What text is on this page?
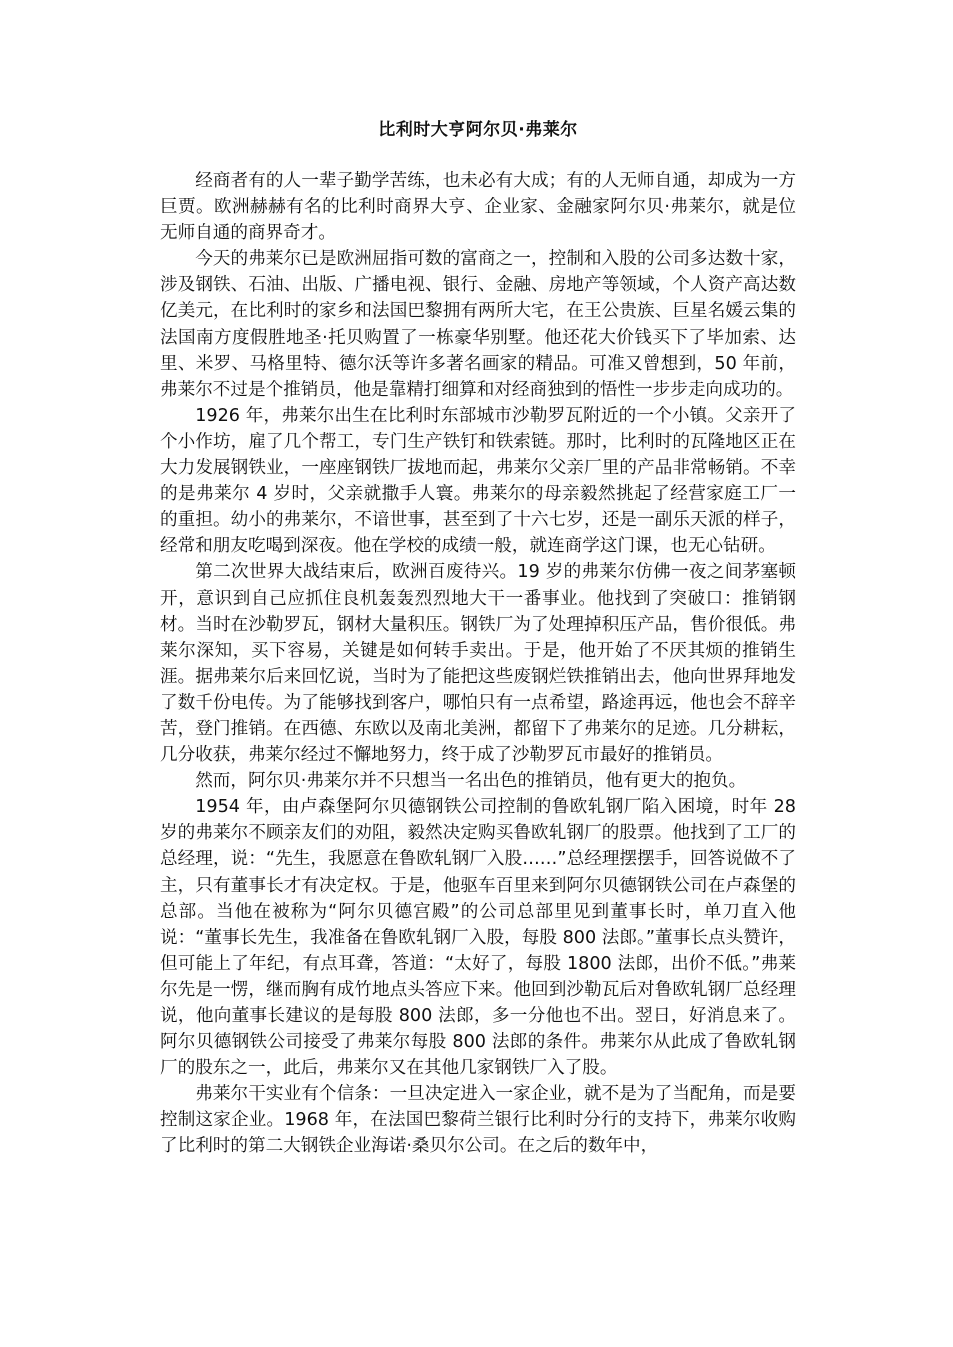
比利时大亨阿尔贝·弗莱尔

经商者有的人一辈子勤学苦练，也未必有大成；有的人无师自通，却成为一方巨贾。欧洲赫赫有名的比利时商界大亨、企业家、金融家阿尔贝·弗莱尔，就是位无师自通的商界奇才。

今天的弗莱尔已是欧洲屈指可数的富商之一，控制和入股的公司多达数十家，涉及钢铁、石油、出版、广播电视、银行、金融、房地产等领域，个人资产高达数亿美元，在比利时的家乡和法国巴黎拥有两所大宅，在王公贵族、巨星名媛云集的法国南方度假胜地圣·托贝购置了一栋豪华别墅。他还花大价钱买下了毕加索、达里、米罗、马格里特、德尔沃等许多著名画家的精品。可准又曾想到，50 年前，弗莱尔不过是个推销员，他是靠精打细算和对经商独到的悟性一步步走向成功的。

1926 年，弗莱尔出生在比利时东部城市沙勒罗瓦附近的一个小镇。父亲开了个小作坊，雇了几个帮工，专门生产铁钉和铁索链。那时，比利时的瓦隆地区正在大力发展钢铁业，一座座钢铁厂拔地而起，弗莱尔父亲厂里的产品非常畅销。不幸的是弗莱尔 4 岁时，父亲就撒手人寰。弗莱尔的母亲毅然挑起了经营家庭工厂一的重担。幼小的弗莱尔，不谙世事，甚至到了十六七岁，还是一副乐天派的样子，经常和朋友吃喝到深夜。他在学校的成绩一般，就连商学这门课，也无心钻研。

第二次世界大战结束后，欧洲百废待兴。19 岁的弗莱尔仿佛一夜之间茅塞顿开，意识到自己应抓住良机轰轰烈烈地大干一番事业。他找到了突破口：推销钢材。当时在沙勒罗瓦，钢材大量积压。钢铁厂为了处理掉积压产品，售价很低。弗莱尔深知，买下容易，关键是如何转手卖出。于是，他开始了不厌其烦的推销生涯。据弗莱尔后来回忆说，当时为了能把这些废钢烂铁推销出去，他向世界拜地发了数千份电传。为了能够找到客户，哪怕只有一点希望，路途再远，他也会不辞辛苦，登门推销。在西德、东欧以及南北美洲，都留下了弗莱尔的足迹。几分耕耘，几分收获，弗莱尔经过不懈地努力，终于成了沙勒罗瓦市最好的推销员。

然而，阿尔贝·弗莱尔并不只想当一名出色的推销员，他有更大的抱负。

1954 年，由卢森堡阿尔贝德钢铁公司控制的鲁欧轧钢厂陷入困境，时年 28 岁的弗莱尔不顾亲友们的劝阻，毅然决定购买鲁欧轧钢厂的股票。他找到了工厂的总经理，说：“先生，我愿意在鲁欧轧钢厂入股……”总经理摆摆手，回答说做不了主，只有董事长才有决定权。于是，他驱车百里来到阿尔贝德钢铁公司在卢森堡的总部。当他在被称为“阿尔贝德宫殿”的公司总部里见到董事长时，单刀直入他说：“董事长先生，我准备在鲁欧轧钢厂入股，每股 800 法郎。”董事长点头赞许，但可能上了年纪，有点耳聋，答道：“太好了，每股 1800 法郎，出价不低。”弗莱尔先是一愣，继而胸有成竹地点头答应下来。他回到沙勒瓦后对鲁欧轧钢厂总经理说，他向董事长建议的是每股 800 法郎，多一分他也不出。翌日，好消息来了。阿尔贝德钢铁公司接受了弗莱尔每股 800 法郎的条件。弗莱尔从此成了鲁欧轧钢厂的股东之一，此后，弗莱尔又在其他几家钢铁厂入了股。

弗莱尔干实业有个信条：一旦决定进入一家企业，就不是为了当配角，而是要控制这家企业。1968 年，在法国巴黎荷兰银行比利时分行的支持下，弗莱尔收购了比利时的第二大钢铁企业海诺·桑贝尔公司。在之后的数年中，
